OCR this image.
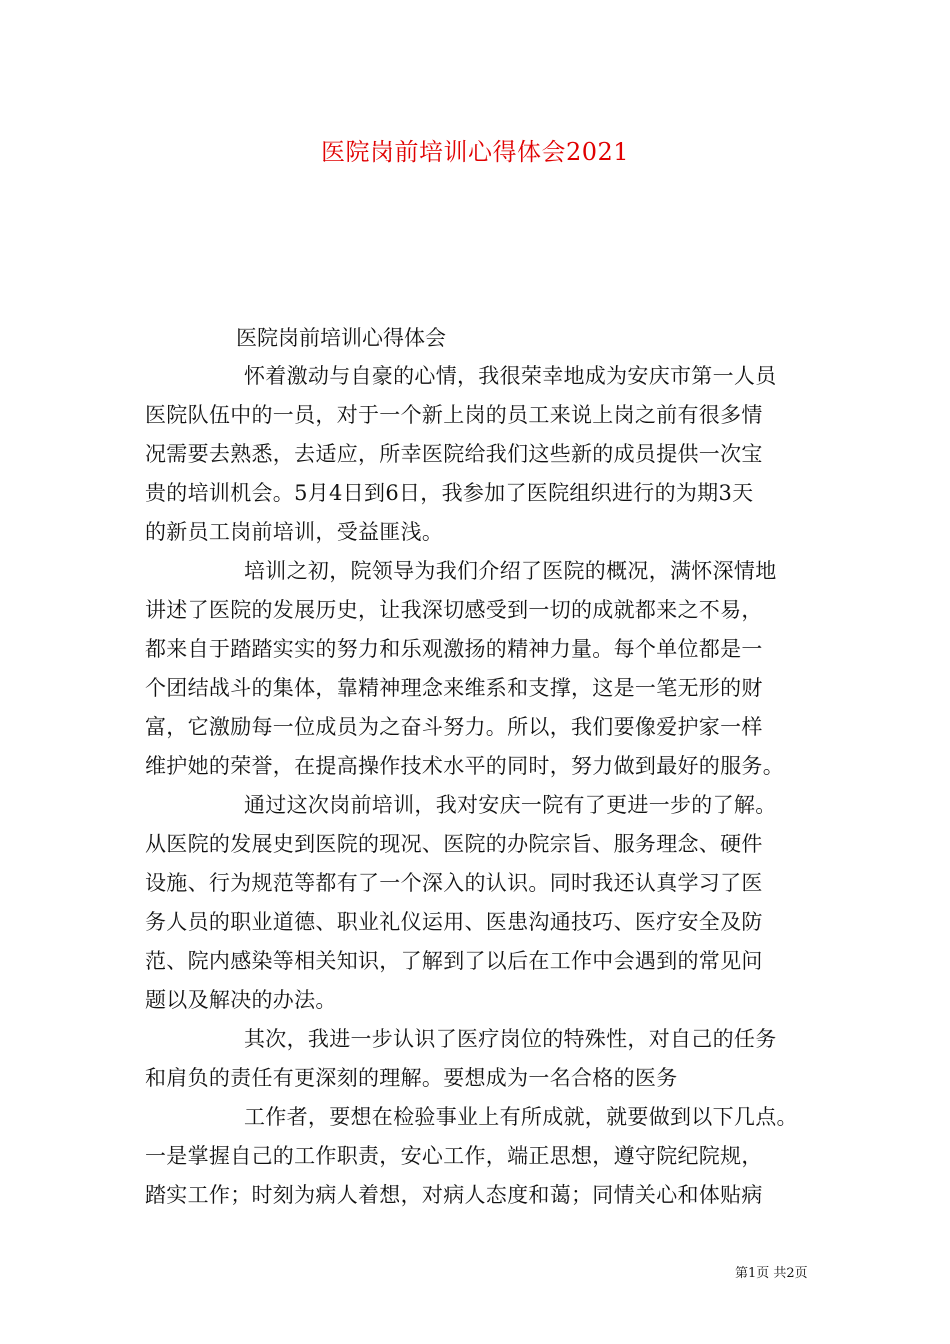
医院岗前培训心得体会2021

医院岗前培训心得体会

怀着激动与自豪的心情，我很荣幸地成为安庆市第一人员
医院队伍中的一员，对于一个新上岗的员工来说上岗之前有很多情
况需要去熟悉，去适应，所幸医院给我们这些新的成员提供一次宝
贵的培训机会。5月4日到6日，我参加了医院组织进行的为期3天
的新员工岗前培训，受益匪浅。
培训之初，院领导为我们介绍了医院的概况，满怀深情地
讲述了医院的发展历史，让我深切感受到一切的成就都来之不易，
都来自于踏踏实实的努力和乐观激扬的精神力量。每个单位都是一
个团结战斗的集体，靠精神理念来维系和支撑，这是一笔无形的财
富，它激励每一位成员为之奋斗努力。所以，我们要像爱护家一样
维护她的荣誉，在提高操作技术水平的同时，努力做到最好的服务。
通过这次岗前培训，我对安庆一院有了更进一步的了解。
从医院的发展史到医院的现况、医院的办院宗旨、服务理念、硬件
设施、行为规范等都有了一个深入的认识。同时我还认真学习了医
务人员的职业道德、职业礼仪运用、医患沟通技巧、医疗安全及防
范、院内感染等相关知识，了解到了以后在工作中会遇到的常见问
题以及解决的办法。
其次，我进一步认识了医疗岗位的特殊性，对自己的任务
和肩负的责任有更深刻的理解。要想成为一名合格的医务
工作者，要想在检验事业上有所成就，就要做到以下几点。
一是掌握自己的工作职责，安心工作，端正思想，遵守院纪院规，
踏实工作；时刻为病人着想，对病人态度和蔼；同情关心和体贴病

第1页 共2页
